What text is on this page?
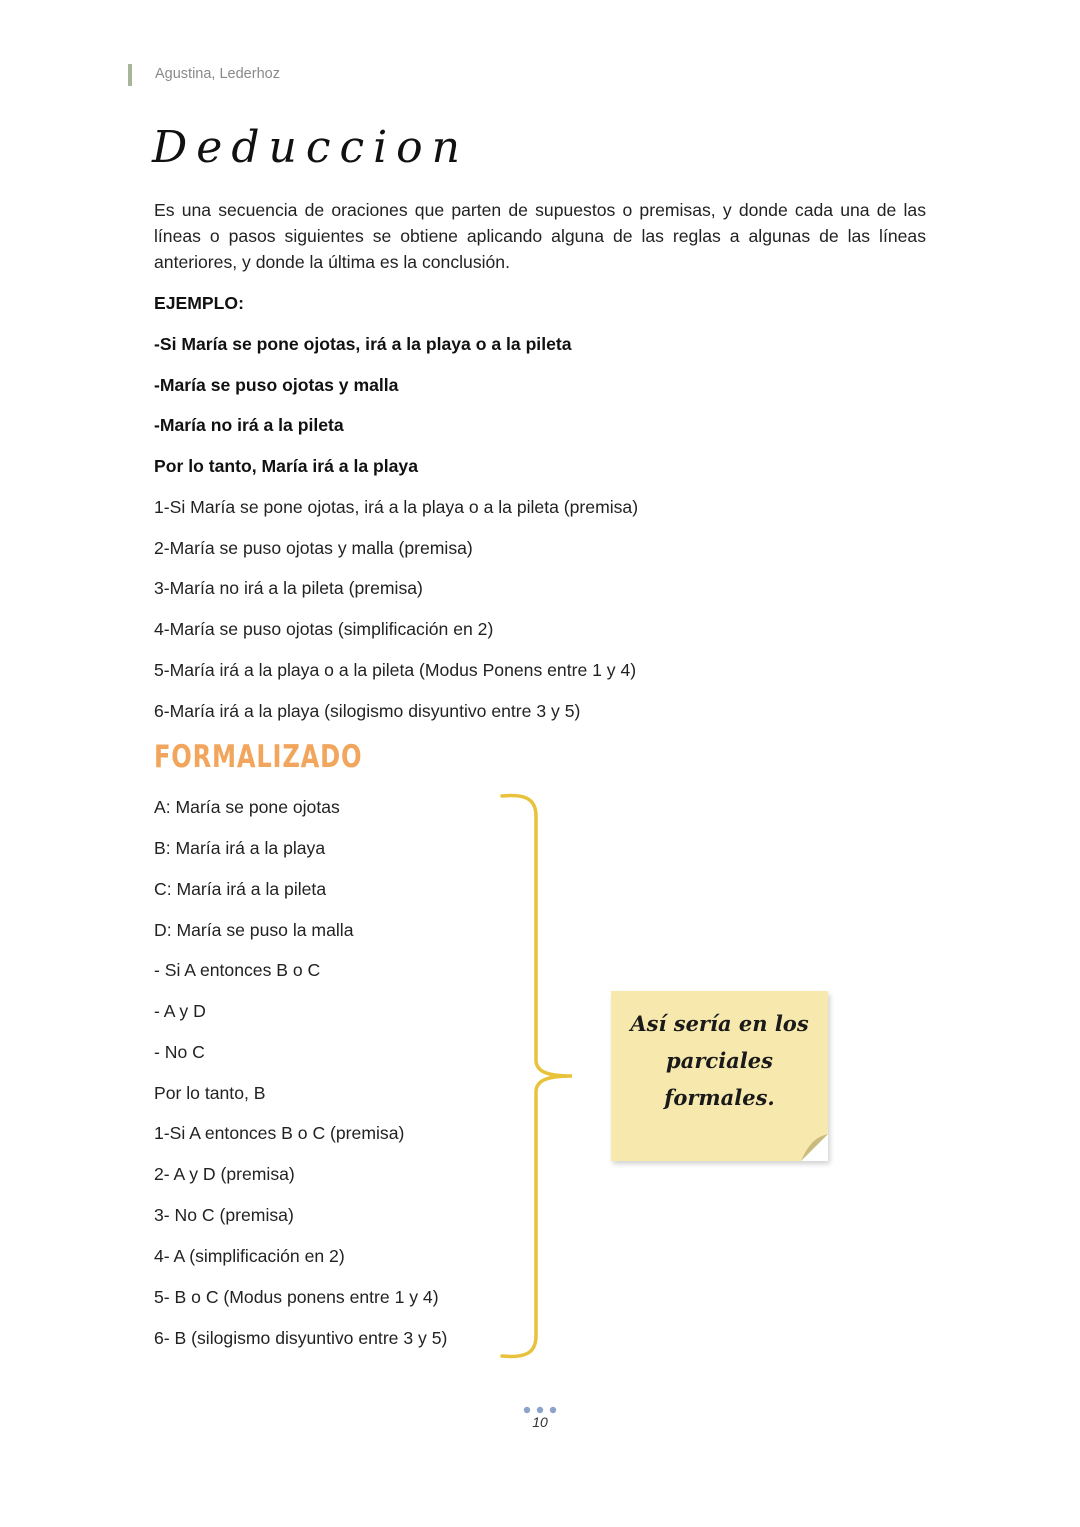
Agustina, Lederhoz
Deduccion
Es una secuencia de oraciones que parten de supuestos o premisas, y donde cada una de las líneas o pasos siguientes se obtiene aplicando alguna de las reglas a algunas de las líneas anteriores, y donde la última es la conclusión.
EJEMPLO:
-Si María se pone ojotas, irá a la playa o a la pileta
-María se puso ojotas y malla
-María no irá a la pileta
Por lo tanto, María irá a la playa
1-Si María se pone ojotas, irá a la playa o a la pileta (premisa)
2-María se puso ojotas y malla (premisa)
3-María no irá a la pileta (premisa)
4-María se puso ojotas (simplificación en 2)
5-María irá a la playa o a la pileta (Modus Ponens entre 1 y 4)
6-María irá a la playa (silogismo disyuntivo entre 3 y 5)
FORMALIZADO
A: María se pone ojotas
B: María irá a la playa
C: María irá a la pileta
D: María se puso la malla
- Si A entonces B o C
- A y D
- No C
Por lo tanto, B
1-Si A entonces B o C (premisa)
2- A y D (premisa)
3- No C (premisa)
4- A (simplificación en 2)
5- B o C (Modus ponens entre 1 y 4)
6- B (silogismo disyuntivo entre 3 y 5)
Así sería en los
parciales
formales.
10
